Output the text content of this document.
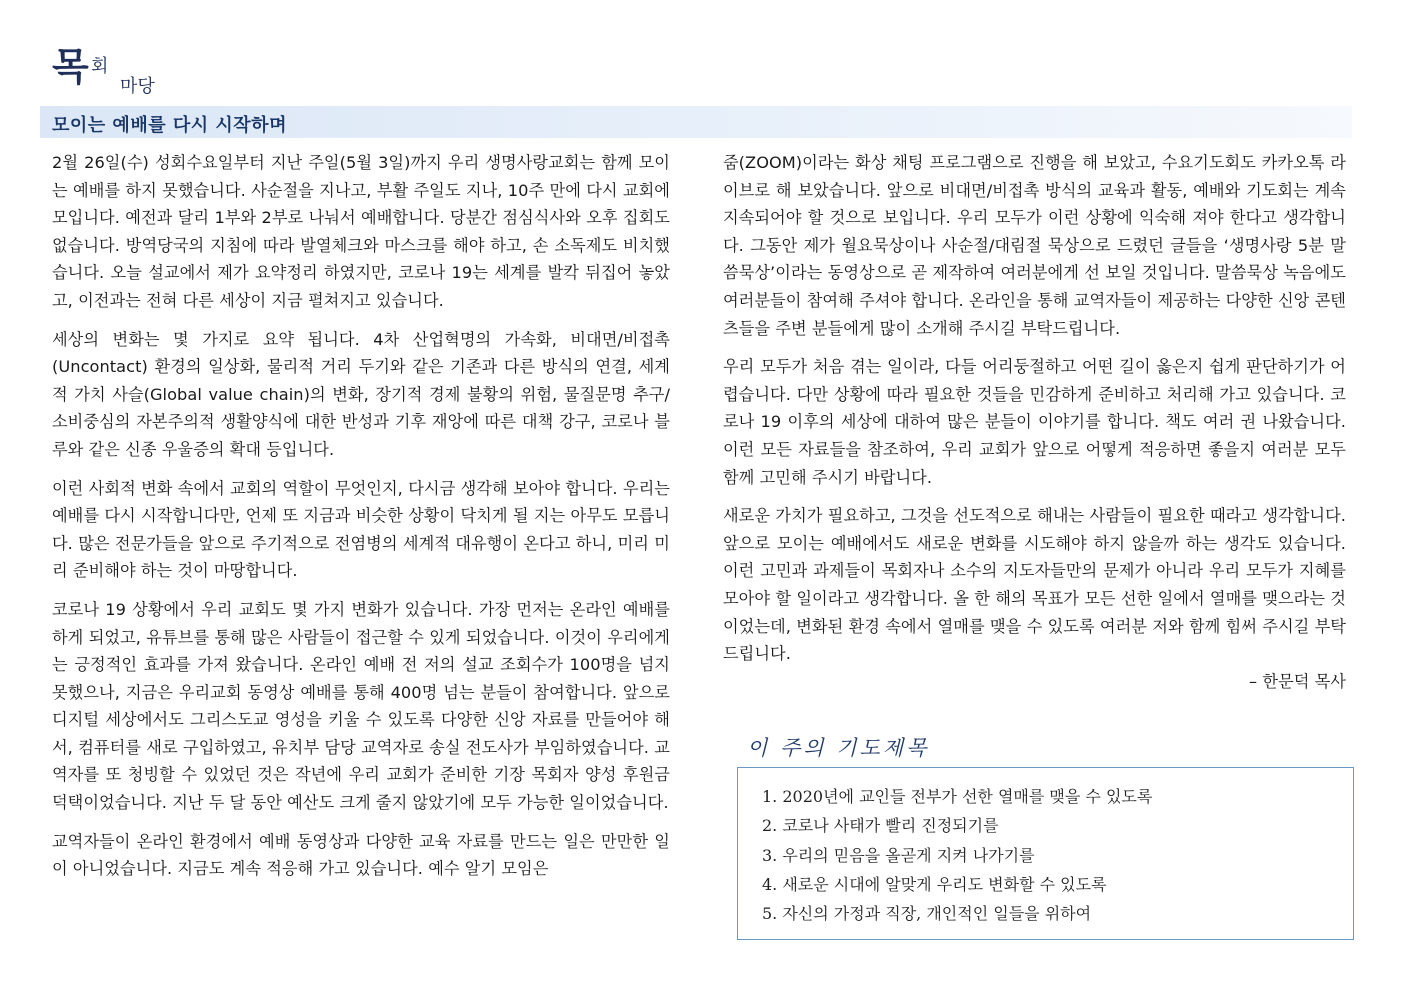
목 회
마당
모이는 예배를 다시 시작하며

2월 26일(수) 성회수요일부터 지난 주일(5월 3일)까지 우리 생명사랑교회는 함께 모이는 예배를 하지 못했습니다. 사순절을 지나고, 부활 주일도 지나, 10주 만에 다시 교회에 모입니다. 예전과 달리 1부와 2부로 나눠서 예배합니다. 당분간 점심식사와 오후 집회도 없습니다. 방역당국의 지침에 따라 발열체크와 마스크를 해야 하고, 손 소독제도 비치했습니다. 오늘 설교에서 제가 요약정리 하였지만, 코로나 19는 세계를 발칵 뒤집어 놓았고, 이전과는 전혀 다른 세상이 지금 펼쳐지고 있습니다.

세상의 변화는 몇 가지로 요약 됩니다. 4차 산업혁명의 가속화, 비대면/비접촉(Uncontact) 환경의 일상화, 물리적 거리 두기와 같은 기존과 다른 방식의 연결, 세계적 가치 사슬(Global value chain)의 변화, 장기적 경제 불황의 위험, 물질문명 추구/소비중심의 자본주의적 생활양식에 대한 반성과 기후 재앙에 따른 대책 강구, 코로나 블루와 같은 신종 우울증의 확대 등입니다.

이런 사회적 변화 속에서 교회의 역할이 무엇인지, 다시금 생각해 보아야 합니다. 우리는 예배를 다시 시작합니다만, 언제 또 지금과 비슷한 상황이 닥치게 될 지는 아무도 모릅니다. 많은 전문가들을 앞으로 주기적으로 전염병의 세계적 대유행이 온다고 하니, 미리 미리 준비해야 하는 것이 마땅합니다.

코로나 19 상황에서 우리 교회도 몇 가지 변화가 있습니다. 가장 먼저는 온라인 예배를 하게 되었고, 유튜브를 통해 많은 사람들이 접근할 수 있게 되었습니다. 이것이 우리에게는 긍정적인 효과를 가져 왔습니다. 온라인 예배 전 저의 설교 조회수가 100명을 넘지 못했으나, 지금은 우리교회 동영상 예배를 통해 400명 넘는 분들이 참여합니다. 앞으로 디지털 세상에서도 그리스도교 영성을 키울 수 있도록 다양한 신앙 자료를 만들어야 해서, 컴퓨터를 새로 구입하였고, 유치부 담당 교역자로 송실 전도사가 부임하였습니다. 교역자를 또 청빙할 수 있었던 것은 작년에 우리 교회가 준비한 기장 목회자 양성 후원금 덕택이었습니다. 지난 두 달 동안 예산도 크게 줄지 않았기에 모두 가능한 일이었습니다.

교역자들이 온라인 환경에서 예배 동영상과 다양한 교육 자료를 만드는 일은 만만한 일이 아니었습니다. 지금도 계속 적응해 가고 있습니다. 예수 알기 모임은

줌(ZOOM)이라는 화상 채팅 프로그램으로 진행을 해 보았고, 수요기도회도 카카오톡 라이브로 해 보았습니다. 앞으로 비대면/비접촉 방식의 교육과 활동, 예배와 기도회는 계속 지속되어야 할 것으로 보입니다. 우리 모두가 이런 상황에 익숙해 져야 한다고 생각합니다. 그동안 제가 월요묵상이나 사순절/대림절 묵상으로 드렸던 글들을 ‘생명사랑 5분 말씀묵상’이라는 동영상으로 곧 제작하여 여러분에게 선 보일 것입니다. 말씀묵상 녹음에도 여러분들이 참여해 주셔야 합니다. 온라인을 통해 교역자들이 제공하는 다양한 신앙 콘텐츠들을 주변 분들에게 많이 소개해 주시길 부탁드립니다.

우리 모두가 처음 겪는 일이라, 다들 어리둥절하고 어떤 길이 옳은지 쉽게 판단하기가 어렵습니다. 다만 상황에 따라 필요한 것들을 민감하게 준비하고 처리해 가고 있습니다. 코로나 19 이후의 세상에 대하여 많은 분들이 이야기를 합니다. 책도 여러 권 나왔습니다. 이런 모든 자료들을 참조하여, 우리 교회가 앞으로 어떻게 적응하면 좋을지 여러분 모두 함께 고민해 주시기 바랍니다.

새로운 가치가 필요하고, 그것을 선도적으로 해내는 사람들이 필요한 때라고 생각합니다. 앞으로 모이는 예배에서도 새로운 변화를 시도해야 하지 않을까 하는 생각도 있습니다. 이런 고민과 과제들이 목회자나 소수의 지도자들만의 문제가 아니라 우리 모두가 지혜를 모아야 할 일이라고 생각합니다. 올 한 해의 목표가 모든 선한 일에서 열매를 맺으라는 것이었는데, 변화된 환경 속에서 열매를 맺을 수 있도록 여러분 저와 함께 힘써 주시길 부탁드립니다.

– 한문덕 목사

이 주의 기도제목
1. 2020년에 교인들 전부가 선한 열매를 맺을 수 있도록
2. 코로나 사태가 빨리 진정되기를
3. 우리의 믿음을 올곧게 지켜 나가기를
4. 새로운 시대에 알맞게 우리도 변화할 수 있도록
5. 자신의 가정과 직장, 개인적인 일들을 위하여
